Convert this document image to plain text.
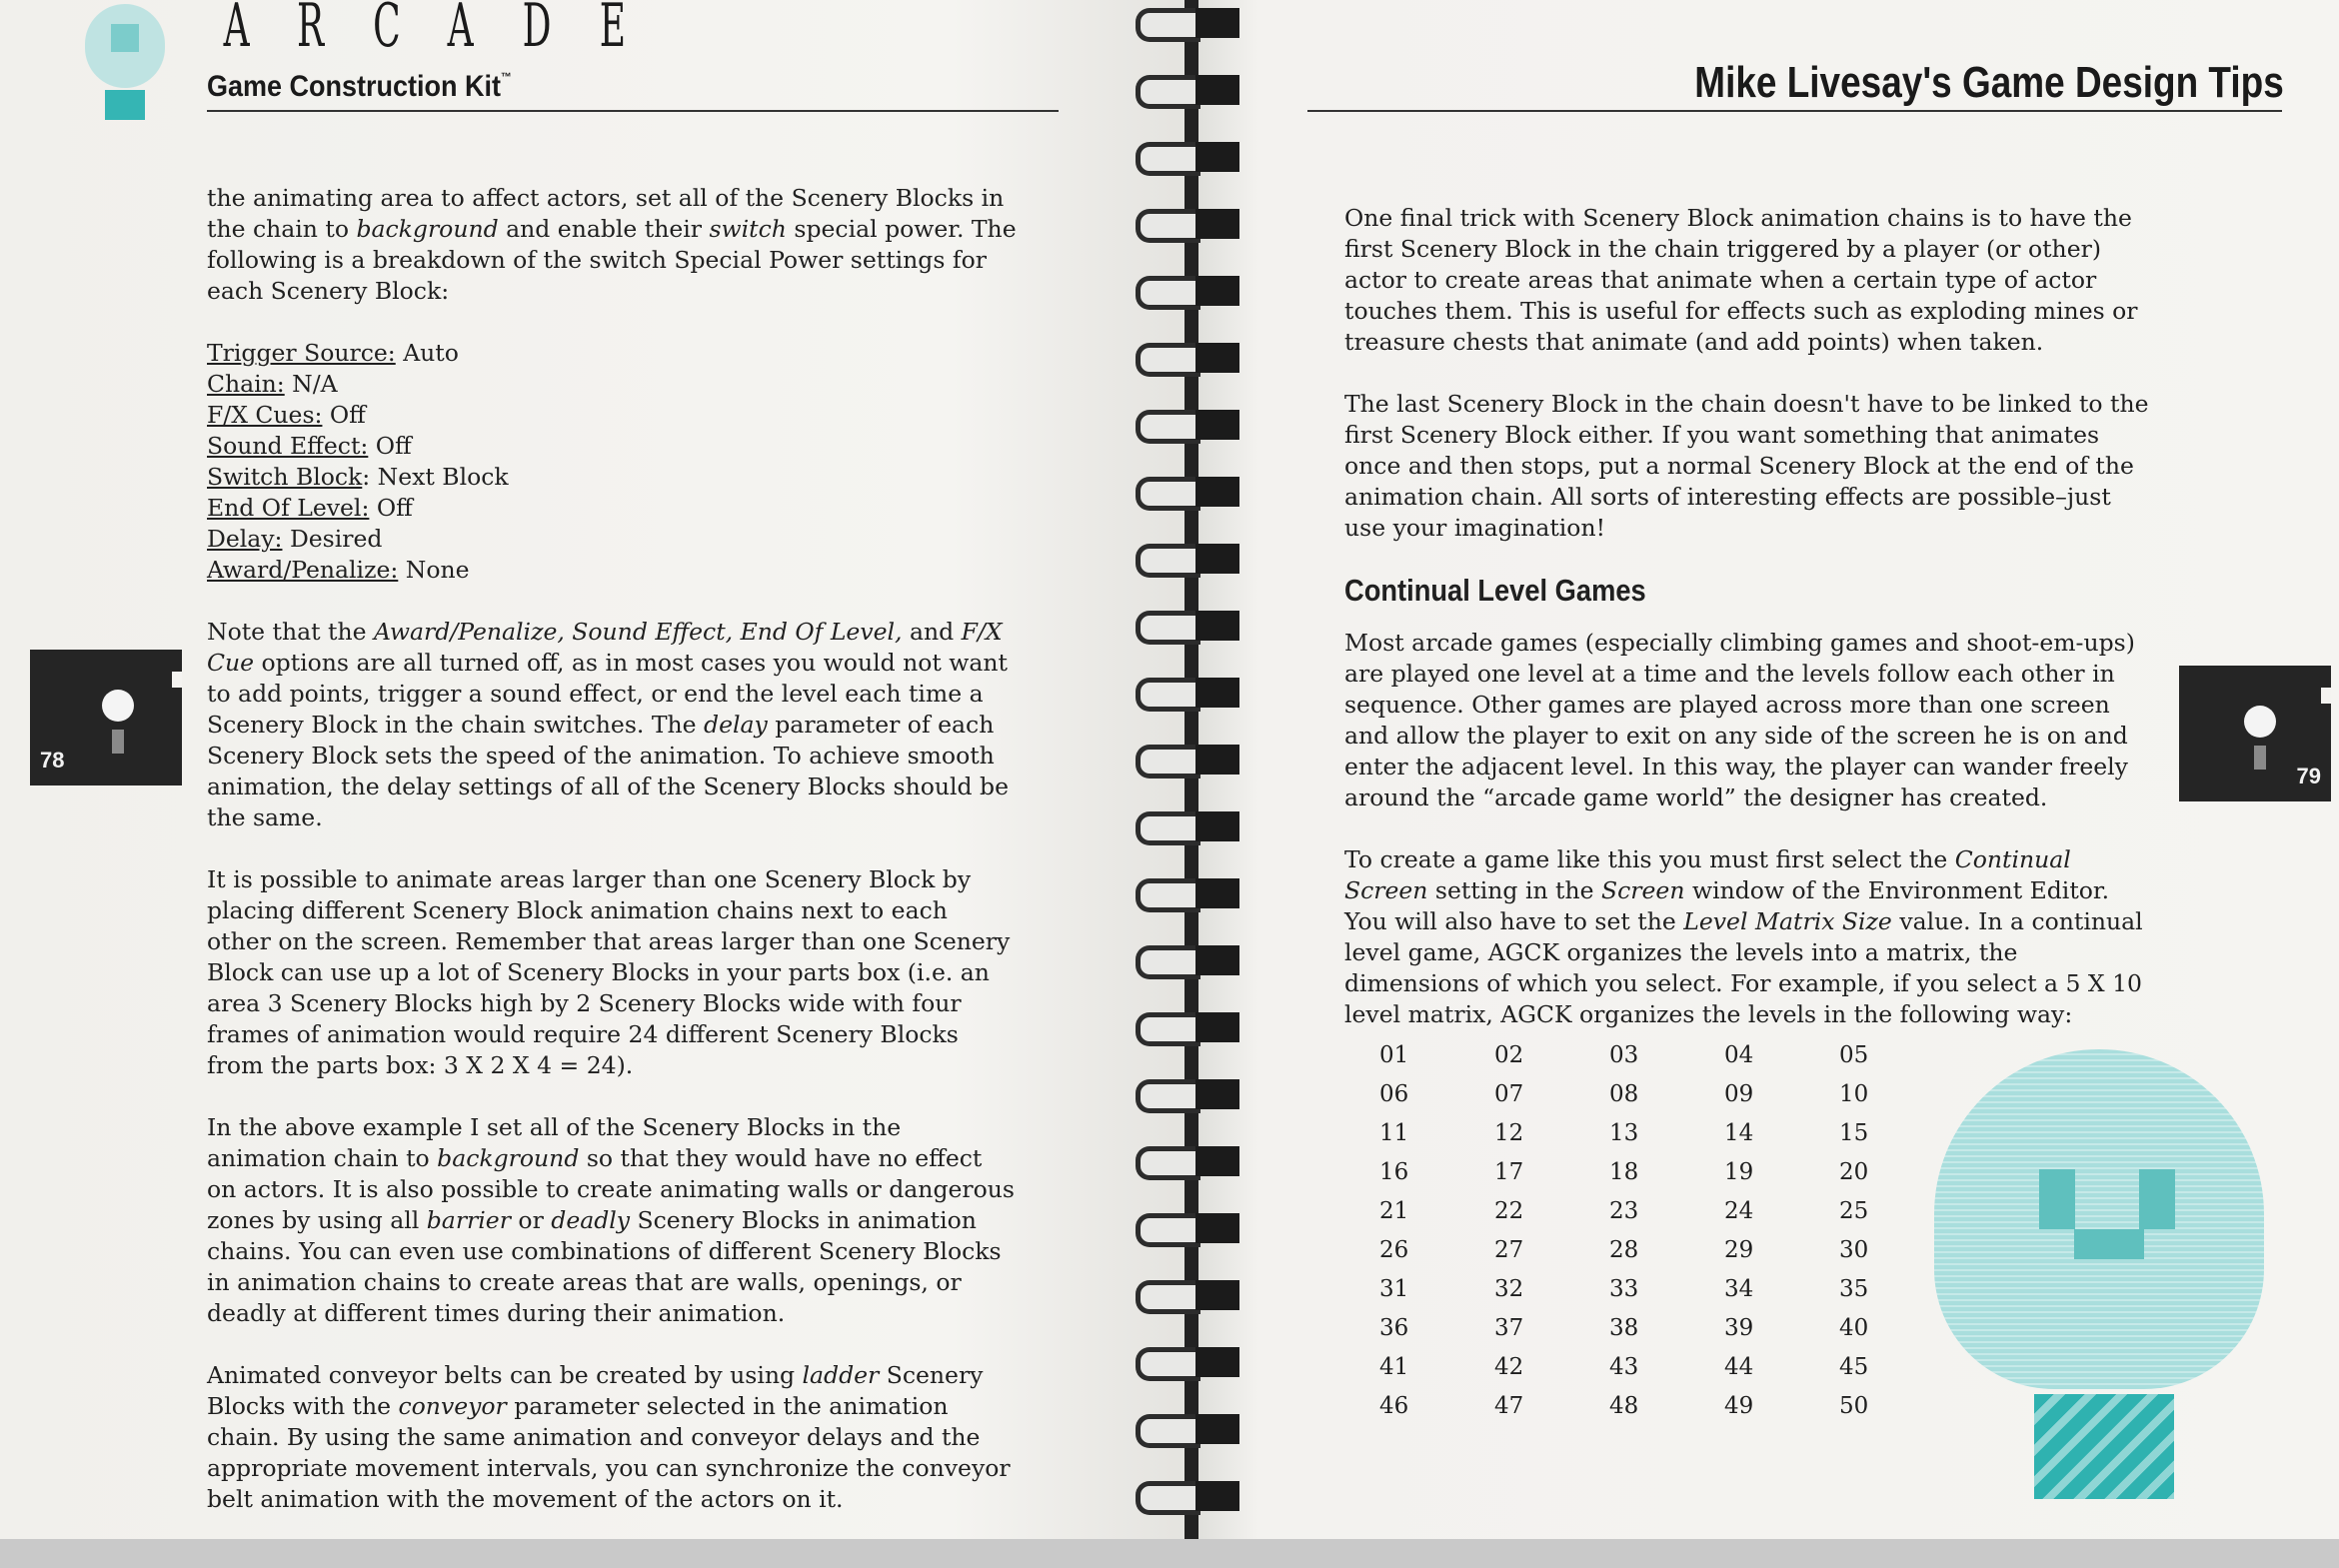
A R C A D E
Game Construction Kit™
78

the animating area to affect actors, set all of the Scenery Blocks in the chain to background and enable their switch special power. The following is a breakdown of the switch Special Power settings for each Scenery Block:

Trigger Source: Auto
Chain: N/A
F/X Cues: Off
Sound Effect: Off
Switch Block: Next Block
End Of Level: Off
Delay: Desired
Award/Penalize: None

Note that the Award/Penalize, Sound Effect, End Of Level, and F/X Cue options are all turned off, as in most cases you would not want to add points, trigger a sound effect, or end the level each time a Scenery Block in the chain switches. The delay parameter of each Scenery Block sets the speed of the animation. To achieve smooth animation, the delay settings of all of the Scenery Blocks should be the same.

It is possible to animate areas larger than one Scenery Block by placing different Scenery Block animation chains next to each other on the screen. Remember that areas larger than one Scenery Block can use up a lot of Scenery Blocks in your parts box (i.e. an area 3 Scenery Blocks high by 2 Scenery Blocks wide with four frames of animation would require 24 different Scenery Blocks from the parts box: 3 X 2 X 4 = 24).

In the above example I set all of the Scenery Blocks in the animation chain to background so that they would have no effect on actors. It is also possible to create animating walls or dangerous zones by using all barrier or deadly Scenery Blocks in animation chains. You can even use combinations of different Scenery Blocks in animation chains to create areas that are walls, openings, or deadly at different times during their animation.

Animated conveyor belts can be created by using ladder Scenery Blocks with the conveyor parameter selected in the animation chain. By using the same animation and conveyor delays and the appropriate movement intervals, you can synchronize the conveyor belt animation with the movement of the actors on it.

Mike Livesay's Game Design Tips
79

One final trick with Scenery Block animation chains is to have the first Scenery Block in the chain triggered by a player (or other) actor to create areas that animate when a certain type of actor touches them. This is useful for effects such as exploding mines or treasure chests that animate (and add points) when taken.

The last Scenery Block in the chain doesn't have to be linked to the first Scenery Block either. If you want something that animates once and then stops, put a normal Scenery Block at the end of the animation chain. All sorts of interesting effects are possible–just use your imagination!

Continual Level Games

Most arcade games (especially climbing games and shoot-em-ups) are played one level at a time and the levels follow each other in sequence. Other games are played across more than one screen and allow the player to exit on any side of the screen he is on and enter the adjacent level. In this way, the player can wander freely around the “arcade game world” the designer has created.

To create a game like this you must first select the Continual Screen setting in the Screen window of the Environment Editor. You will also have to set the Level Matrix Size value. In a continual level game, AGCK organizes the levels into a matrix, the dimensions of which you select. For example, if you select a 5 X 10 level matrix, AGCK organizes the levels in the following way:

01	02	03	04	05
06	07	08	09	10
11	12	13	14	15
16	17	18	19	20
21	22	23	24	25
26	27	28	29	30
31	32	33	34	35
36	37	38	39	40
41	42	43	44	45
46	47	48	49	50
